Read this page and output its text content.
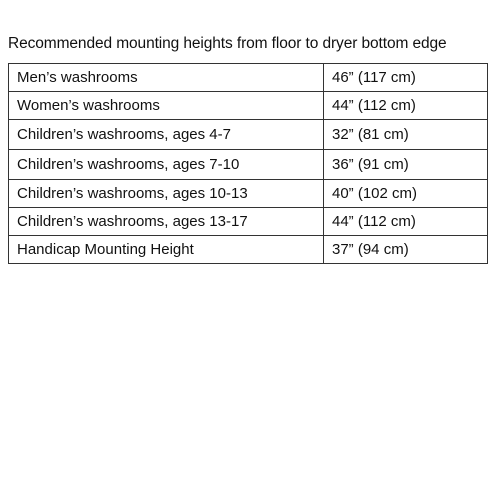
Recommended mounting heights from floor to dryer bottom edge
Men’s washrooms	46” (117 cm)
Women’s washrooms	44” (112 cm)
Children’s washrooms, ages 4-7	32” (81 cm)
Children’s washrooms, ages 7-10	36” (91 cm)
Children’s washrooms, ages 10-13	40” (102 cm)
Children’s washrooms, ages 13-17	44” (112 cm)
Handicap Mounting Height	37” (94 cm)
